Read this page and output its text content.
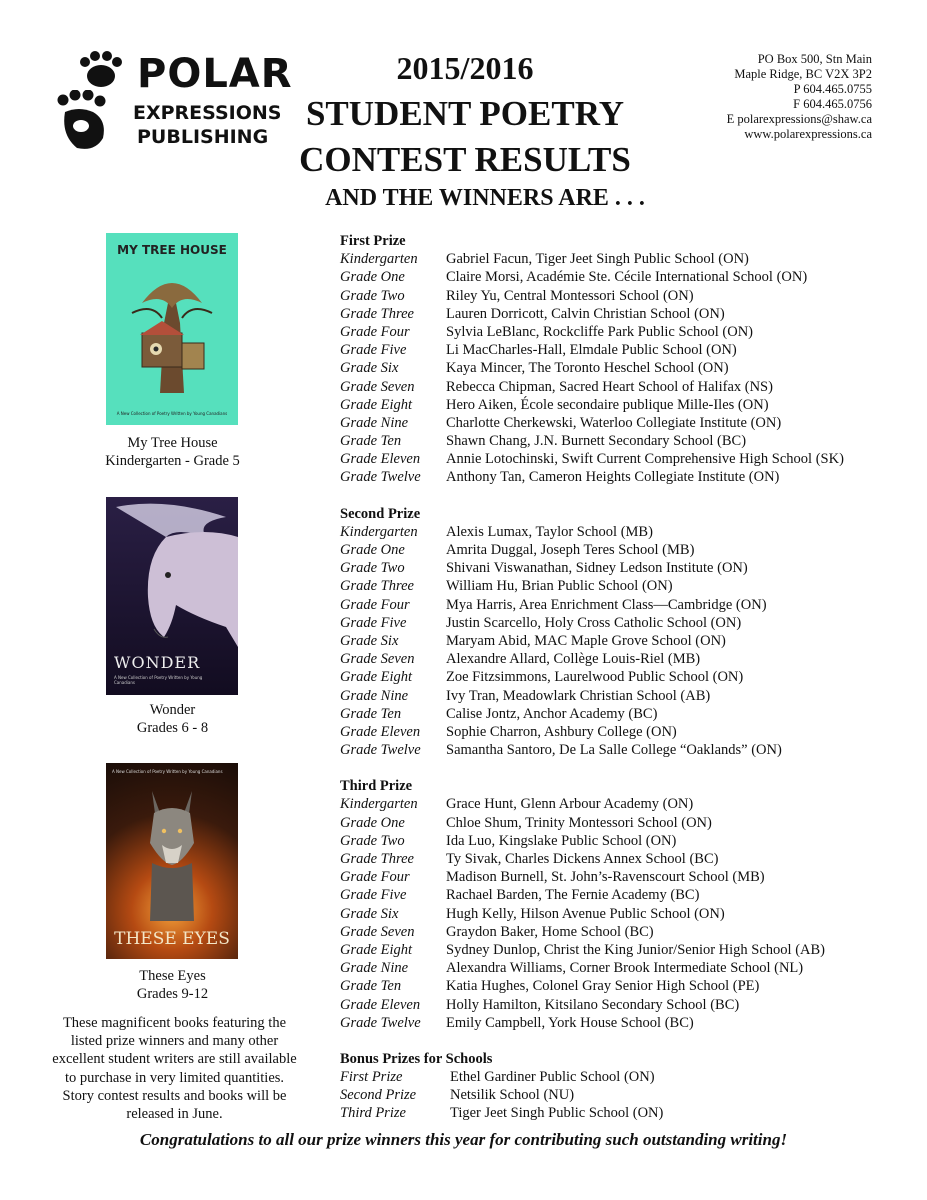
POLAR
EXPRESSIONS
PUBLISHING
2015/2016
STUDENT POETRY
CONTEST RESULTS
AND THE WINNERS ARE . . .
PO Box 500, Stn Main
Maple Ridge, BC V2X 3P2
P 604.465.0755
F 604.465.0756
E polarexpressions@shaw.ca
www.polarexpressions.ca
MY TREE HOUSE
A New Collection of Poetry Written by Young Canadians
My Tree House
Kindergarten - Grade 5
WONDER
A New Collection of Poetry Written by Young Canadians
Wonder
Grades 6 - 8
A New Collection of Poetry Written by Young Canadians
THESE EYES
These Eyes
Grades 9-12
These magnificent books featuring the listed prize winners and many other excellent student writers are still available to purchase in very limited quantities. Story contest results and books will be released in June.
First Prize
Kindergarten Gabriel Facun, Tiger Jeet Singh Public School (ON)
Grade One	Claire Morsi, Académie Ste. Cécile International School (ON)
Grade Two	Riley Yu, Central Montessori School (ON)
Grade Three Lauren Dorricott, Calvin Christian School (ON)
Grade Four	Sylvia LeBlanc, Rockcliffe Park Public School (ON)
Grade Five	Li MacCharles-Hall, Elmdale Public School (ON)
Grade Six	Kaya Mincer, The Toronto Heschel School (ON)
Grade Seven Rebecca Chipman, Sacred Heart School of Halifax (NS)
Grade Eight Hero Aiken, École secondaire publique Mille-Iles (ON)
Grade Nine	Charlotte Cherkewski, Waterloo Collegiate Institute (ON)
Grade Ten	Shawn Chang, J.N. Burnett Secondary School (BC)
Grade Eleven Annie Lotochinski, Swift Current Comprehensive High School (SK)
Grade Twelve Anthony Tan, Cameron Heights Collegiate Institute (ON)
Second Prize
Kindergarten Alexis Lumax, Taylor School (MB)
Grade One	Amrita Duggal, Joseph Teres School (MB)
Grade Two	Shivani Viswanathan, Sidney Ledson Institute (ON)
Grade Three William Hu, Brian Public School (ON)
Grade Four	Mya Harris, Area Enrichment Class—Cambridge (ON)
Grade Five	Justin Scarcello, Holy Cross Catholic School (ON)
Grade Six	Maryam Abid, MAC Maple Grove School (ON)
Grade Seven Alexandre Allard, Collège Louis-Riel (MB)
Grade Eight Zoe Fitzsimmons, Laurelwood Public School (ON)
Grade Nine	Ivy Tran, Meadowlark Christian School (AB)
Grade Ten	Calise Jontz, Anchor Academy (BC)
Grade Eleven Sophie Charron, Ashbury College (ON)
Grade Twelve Samantha Santoro, De La Salle College “Oaklands” (ON)
Third Prize
Kindergarten Grace Hunt, Glenn Arbour Academy (ON)
Grade One	Chloe Shum, Trinity Montessori School (ON)
Grade Two	Ida Luo, Kingslake Public School (ON)
Grade Three Ty Sivak, Charles Dickens Annex School (BC)
Grade Four	Madison Burnell, St. John’s-Ravenscourt School (MB)
Grade Five	Rachael Barden, The Fernie Academy (BC)
Grade Six	Hugh Kelly, Hilson Avenue Public School (ON)
Grade Seven Graydon Baker, Home School (BC)
Grade Eight Sydney Dunlop, Christ the King Junior/Senior High School (AB)
Grade Nine	Alexandra Williams, Corner Brook Intermediate School (NL)
Grade Ten	Katia Hughes, Colonel Gray Senior High School (PE)
Grade Eleven Holly Hamilton, Kitsilano Secondary School (BC)
Grade Twelve Emily Campbell, York House School (BC)
Bonus Prizes for Schools
First Prize	Ethel Gardiner Public School (ON)
Second Prize Netsilik School (NU)
Third Prize	Tiger Jeet Singh Public School (ON)
Congratulations to all our prize winners this year for contributing such outstanding writing!
